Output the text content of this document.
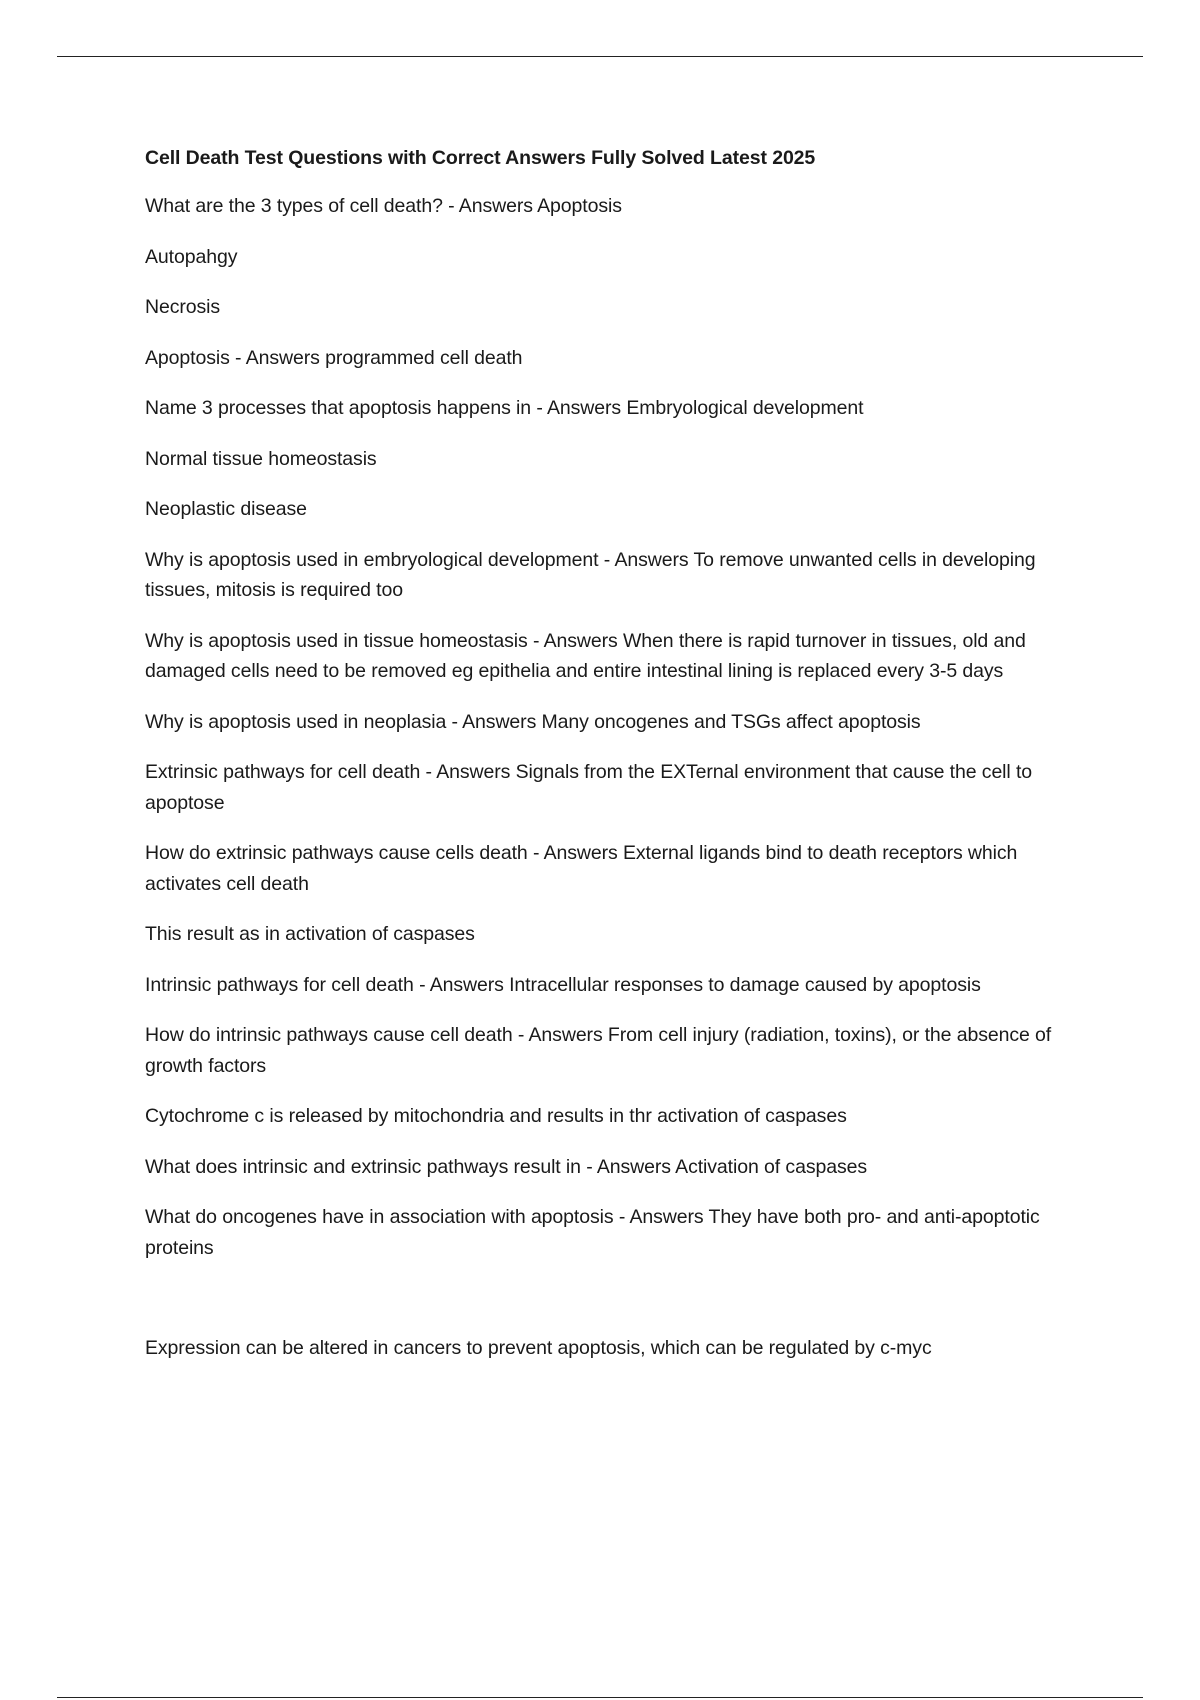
Cell Death Test Questions with Correct Answers Fully Solved Latest 2025
What are the 3 types of cell death? - Answers Apoptosis
Autopahgy
Necrosis
Apoptosis - Answers programmed cell death
Name 3 processes that apoptosis happens in - Answers Embryological development
Normal tissue homeostasis
Neoplastic disease
Why is apoptosis used in embryological development - Answers To remove unwanted cells in developing tissues, mitosis is required too
Why is apoptosis used in tissue homeostasis - Answers When there is rapid turnover in tissues, old and damaged cells need to be removed eg epithelia and entire intestinal lining is replaced every 3-5 days
Why is apoptosis used in neoplasia - Answers Many oncogenes and TSGs affect apoptosis
Extrinsic pathways for cell death - Answers Signals from the EXTernal environment that cause the cell to apoptose
How do extrinsic pathways cause cells death - Answers External ligands bind to death receptors which activates cell death
This result as in activation of caspases
Intrinsic pathways for cell death - Answers Intracellular responses to damage caused by apoptosis
How do intrinsic pathways cause cell death - Answers From cell injury (radiation, toxins), or the absence of growth factors
Cytochrome c is released by mitochondria and results in thr activation of caspases
What does intrinsic and extrinsic pathways result in - Answers Activation of caspases
What do oncogenes have in association with apoptosis - Answers They have both pro- and anti-apoptotic proteins
Expression can be altered in cancers to prevent apoptosis, which can be regulated by c-myc
